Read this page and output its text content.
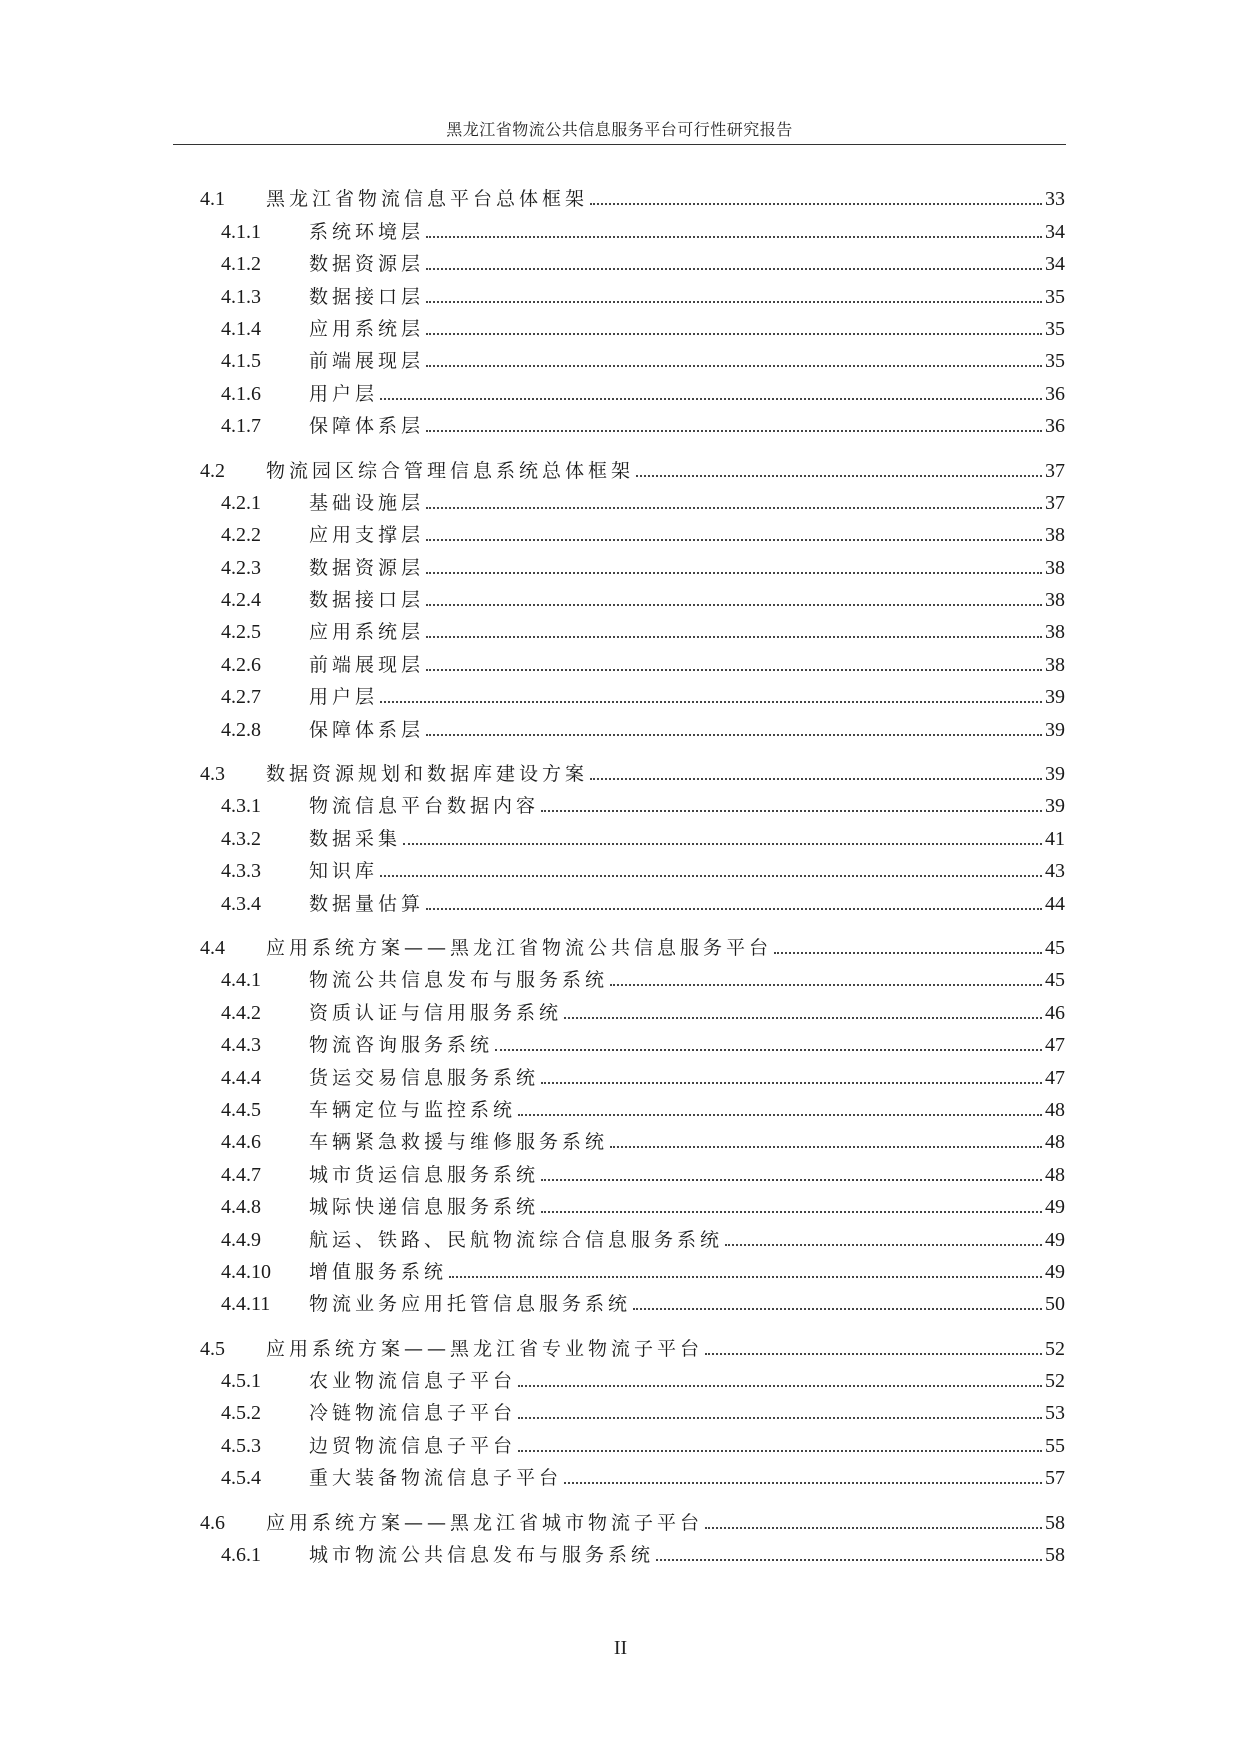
黑龙江省物流公共信息服务平台可行性研究报告
4.1	黑龙江省物流信息平台总体框架	33
4.1.1	系统环境层	34
4.1.2	数据资源层	34
4.1.3	数据接口层	35
4.1.4	应用系统层	35
4.1.5	前端展现层	35
4.1.6	用户层	36
4.1.7	保障体系层	36
4.2	物流园区综合管理信息系统总体框架	37
4.2.1	基础设施层	37
4.2.2	应用支撑层	38
4.2.3	数据资源层	38
4.2.4	数据接口层	38
4.2.5	应用系统层	38
4.2.6	前端展现层	38
4.2.7	用户层	39
4.2.8	保障体系层	39
4.3	数据资源规划和数据库建设方案	39
4.3.1	物流信息平台数据内容	39
4.3.2	数据采集	41
4.3.3	知识库	43
4.3.4	数据量估算	44
4.4	应用系统方案——黑龙江省物流公共信息服务平台	45
4.4.1	物流公共信息发布与服务系统	45
4.4.2	资质认证与信用服务系统	46
4.4.3	物流咨询服务系统	47
4.4.4	货运交易信息服务系统	47
4.4.5	车辆定位与监控系统	48
4.4.6	车辆紧急救援与维修服务系统	48
4.4.7	城市货运信息服务系统	48
4.4.8	城际快递信息服务系统	49
4.4.9	航运、铁路、民航物流综合信息服务系统	49
4.4.10	增值服务系统	49
4.4.11	物流业务应用托管信息服务系统	50
4.5	应用系统方案——黑龙江省专业物流子平台	52
4.5.1	农业物流信息子平台	52
4.5.2	冷链物流信息子平台	53
4.5.3	边贸物流信息子平台	55
4.5.4	重大装备物流信息子平台	57
4.6	应用系统方案——黑龙江省城市物流子平台	58
4.6.1	城市物流公共信息发布与服务系统	58
II
